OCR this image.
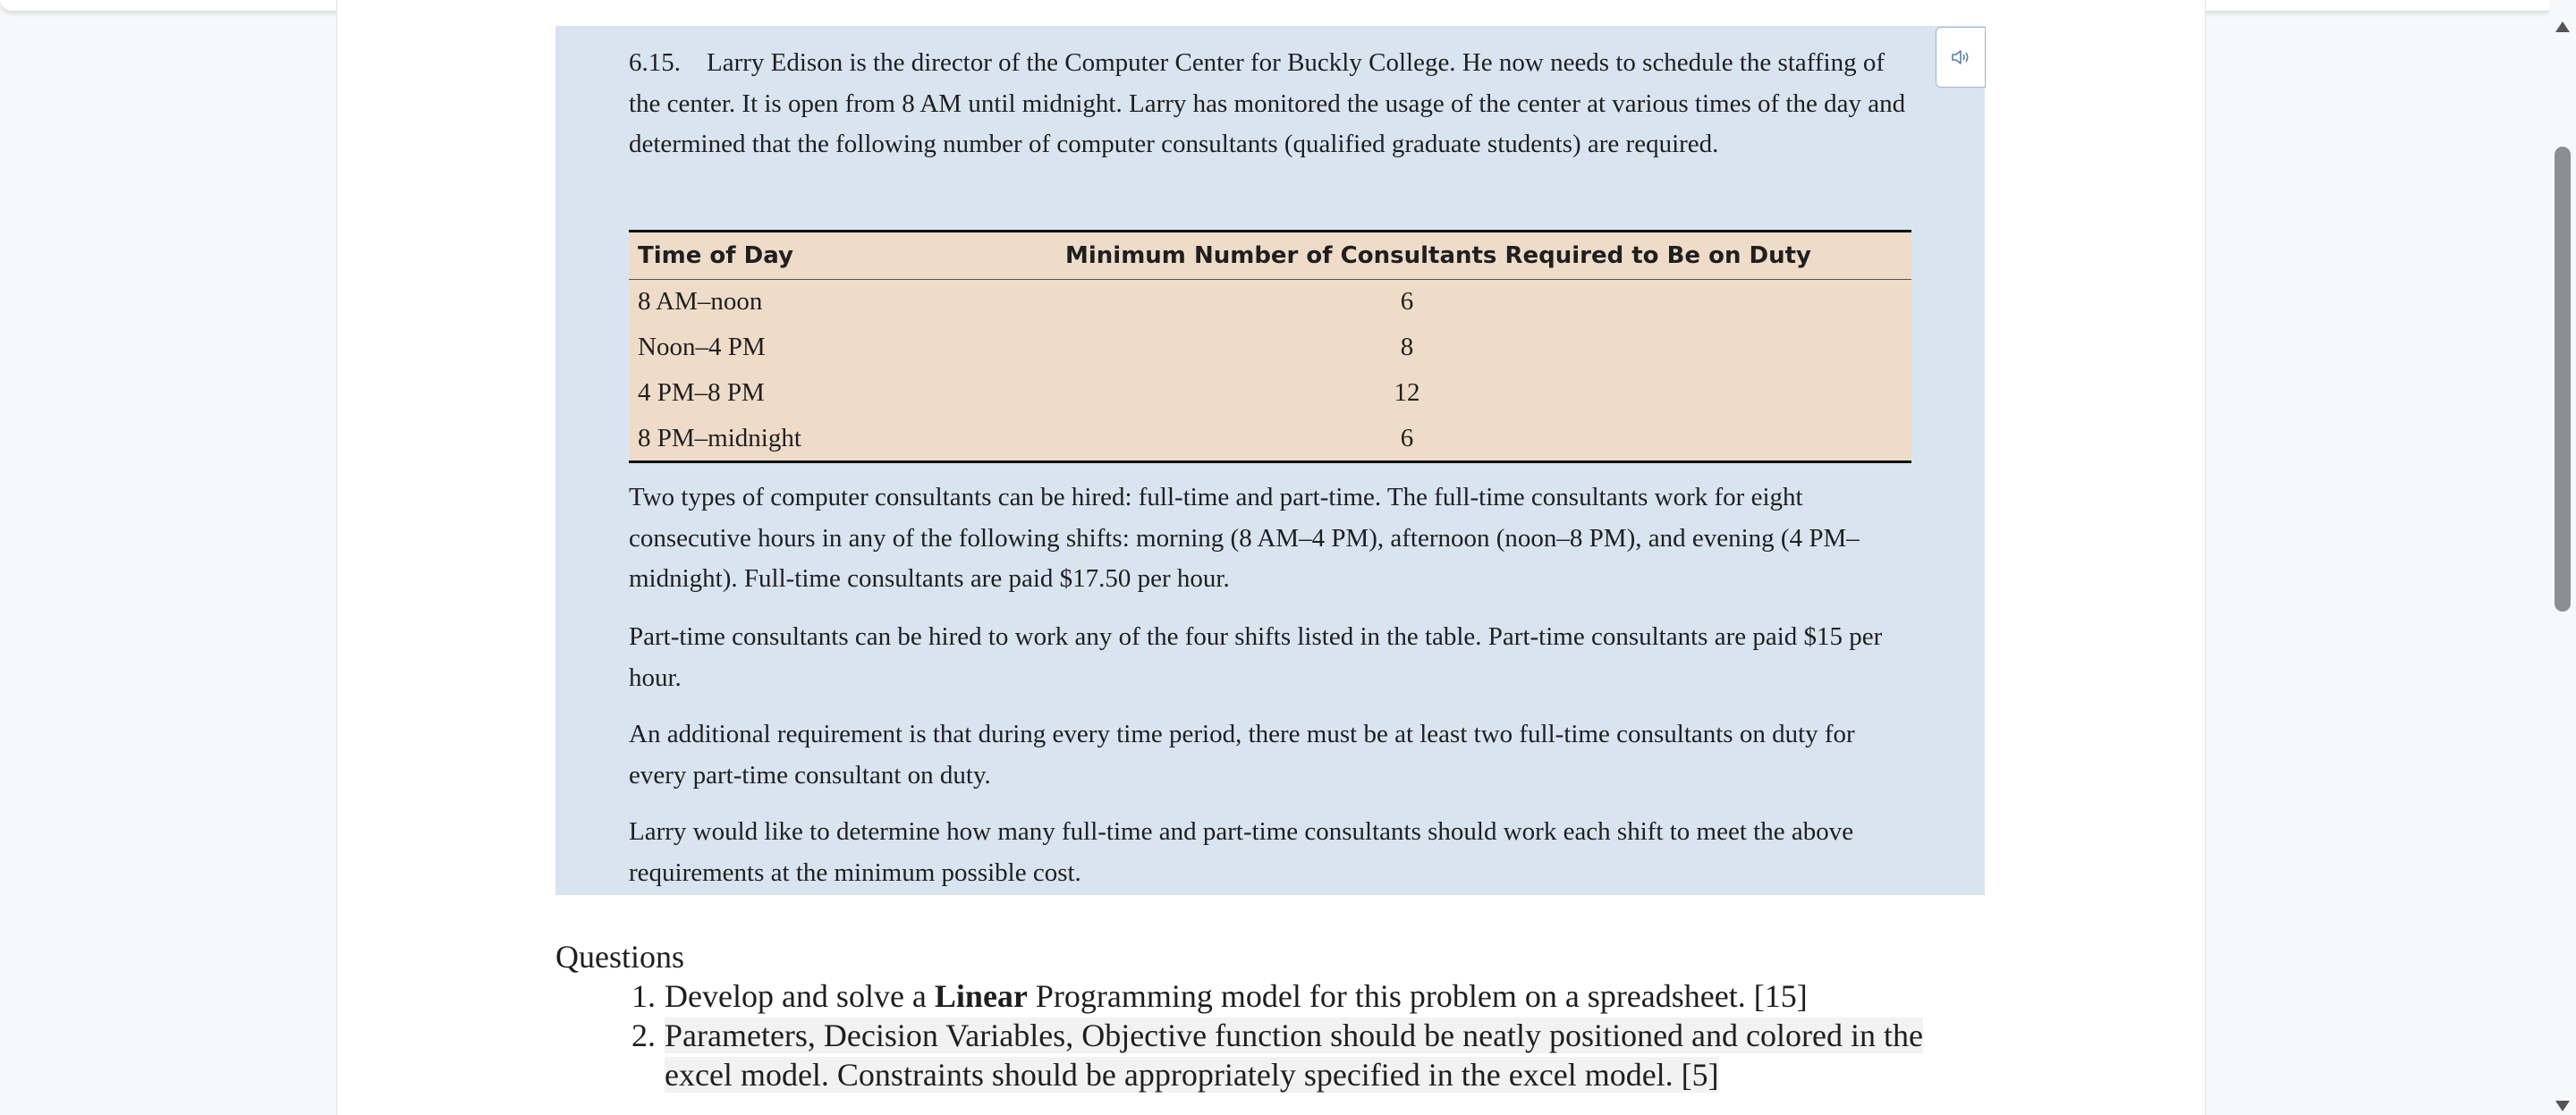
6.15. Larry Edison is the director of the Computer Center for Buckly College. He now needs to schedule the staffing of the center. It is open from 8 AM until midnight. Larry has monitored the usage of the center at various times of the day and determined that the following number of computer consultants (qualified graduate students) are required.

Time of Day	Minimum Number of Consultants Required to Be on Duty
8 AM–noon	6
Noon–4 PM	8
4 PM–8 PM	12
8 PM–midnight	6

Two types of computer consultants can be hired: full-time and part-time. The full-time consultants work for eight consecutive hours in any of the following shifts: morning (8 AM–4 PM), afternoon (noon–8 PM), and evening (4 PM–midnight). Full-time consultants are paid $17.50 per hour.

Part-time consultants can be hired to work any of the four shifts listed in the table. Part-time consultants are paid $15 per hour.

An additional requirement is that during every time period, there must be at least two full-time consultants on duty for every part-time consultant on duty.

Larry would like to determine how many full-time and part-time consultants should work each shift to meet the above requirements at the minimum possible cost.

Questions
1. Develop and solve a Linear Programming model for this problem on a spreadsheet. [15]
2. Parameters, Decision Variables, Objective function should be neatly positioned and colored in the excel model. Constraints should be appropriately specified in the excel model. [5]
